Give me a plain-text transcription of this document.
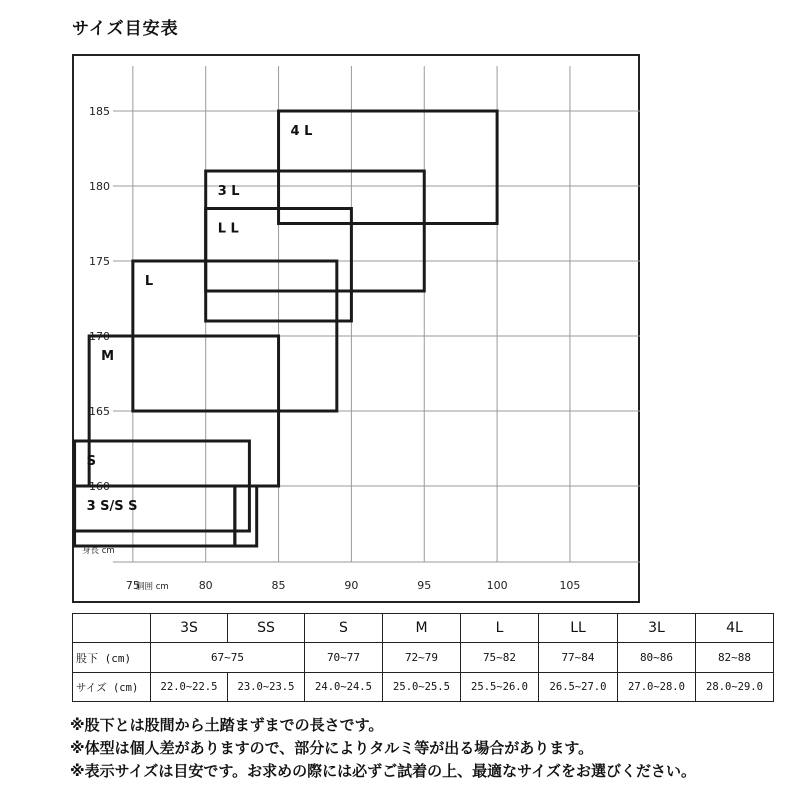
サイズ目安表
160
165
170
175
180
185
75	80	85	90	95	100	105
身長 cm
胴囲 cm
4 L
3 L
L L
L
M
S
3 S/S S
	3S	SS	S	M	L	LL	3L	4L
股下 (cm)	67~75		70~77	72~79	75~82	77~84	80~86	82~88
サイズ (cm)	22.0~22.5	23.0~23.5	24.0~24.5	25.0~25.5	25.5~26.0	26.5~27.0	27.0~28.0	28.0~29.0
※股下とは股間から土踏まずまでの長さです。
※体型は個人差がありますので、部分によりタルミ等が出る場合があります。
※表示サイズは目安です。お求めの際には必ずご試着の上、最適なサイズをお選びください。
